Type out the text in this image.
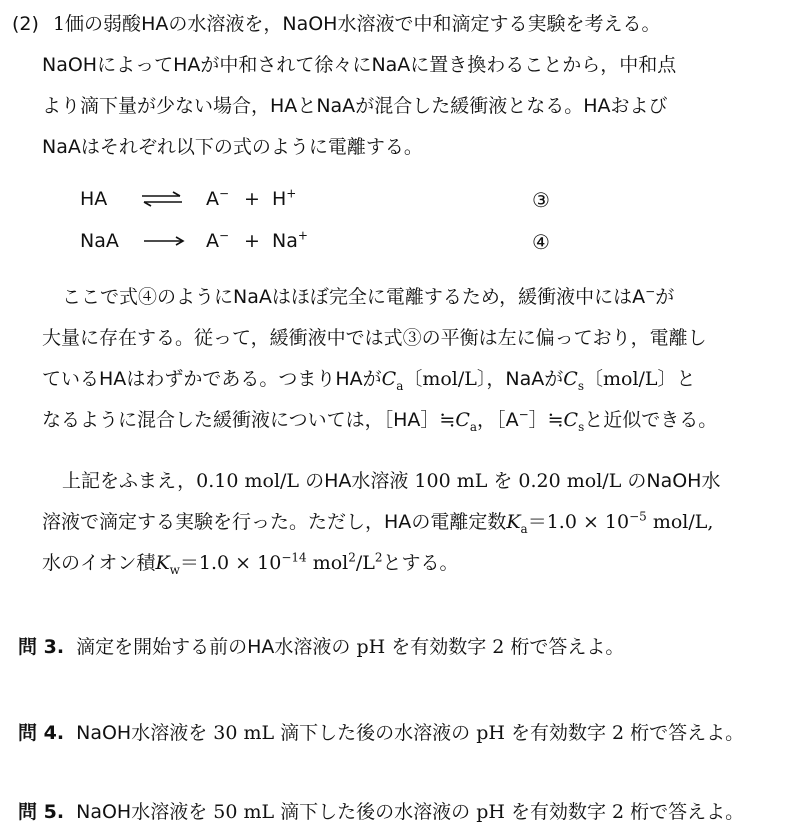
(2) 1価の弱酸HAの水溶液を，NaOH水溶液で中和滴定する実験を考える。
NaOHによってHAが中和されて徐々にNaAに置き換わることから，中和点
より滴下量が少ない場合，HAとNaAが混合した緩衝液となる。HAおよび
NaAはそれぞれ以下の式のように電離する。
HA ⇌ A− + H+	③
NaA	A− + Na+	④
ここで式④のようにNaAはほぼ完全に電離するため，緩衝液中にはA−が
大量に存在する。従って，緩衝液中では式③の平衡は左に偏っており，電離し
ているHAはわずかである。つまりHAが$C_a$〔mol/L〕，NaAが$C_s$〔mol/L〕と
なるように混合した緩衝液については，$[HA]≒C_a$，$[A^-]≒C_s$と近似できる。
上記をふまえ，0.10 mol/L のHA水溶液 100 mL を 0.20 mol/L のNaOH水
溶液で滴定する実験を行った。ただし，HAの電離定数$K_a=1.0 \times 10^{-5}$ mol/L,
水のイオン積$K_w=1.0 \times 10^{-14}$ $mol^2/L^2$とする。
問 3. 滴定を開始する前のHA水溶液の pH を有効数字 2 桁で答えよ。
問 4. NaOH水溶液を 30 mL 滴下した後の水溶液の pH を有効数字 2 桁で答えよ。
問 5. NaOH水溶液を 50 mL 滴下した後の水溶液の pH を有効数字 2 桁で答えよ。
